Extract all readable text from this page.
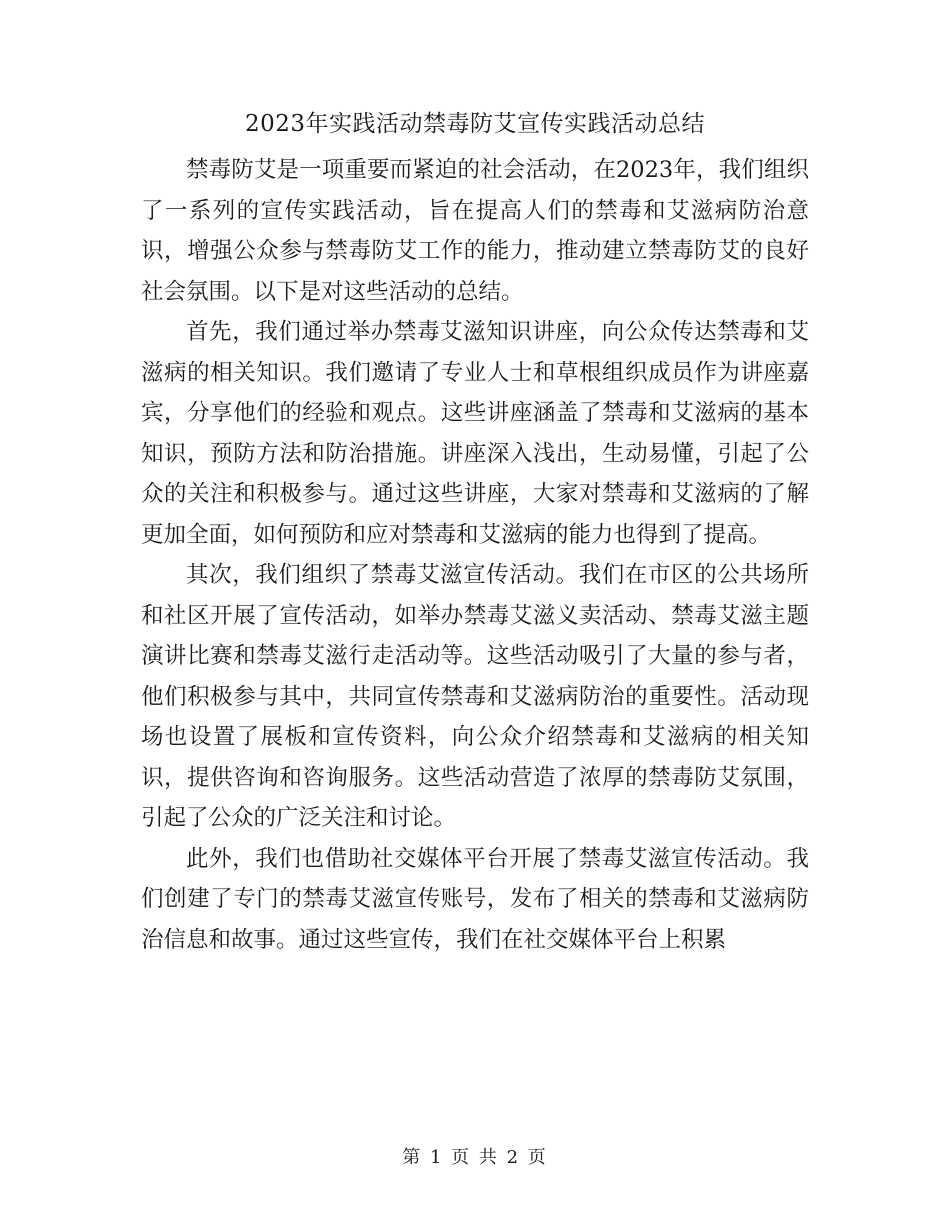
2023年实践活动禁毒防艾宣传实践活动总结

禁毒防艾是一项重要而紧迫的社会活动，在2023年，我们组织了一系列的宣传实践活动，旨在提高人们的禁毒和艾滋病防治意识，增强公众参与禁毒防艾工作的能力，推动建立禁毒防艾的良好社会氛围。以下是对这些活动的总结。

首先，我们通过举办禁毒艾滋知识讲座，向公众传达禁毒和艾滋病的相关知识。我们邀请了专业人士和草根组织成员作为讲座嘉宾，分享他们的经验和观点。这些讲座涵盖了禁毒和艾滋病的基本知识，预防方法和防治措施。讲座深入浅出，生动易懂，引起了公众的关注和积极参与。通过这些讲座，大家对禁毒和艾滋病的了解更加全面，如何预防和应对禁毒和艾滋病的能力也得到了提高。

其次，我们组织了禁毒艾滋宣传活动。我们在市区的公共场所和社区开展了宣传活动，如举办禁毒艾滋义卖活动、禁毒艾滋主题演讲比赛和禁毒艾滋行走活动等。这些活动吸引了大量的参与者，他们积极参与其中，共同宣传禁毒和艾滋病防治的重要性。活动现场也设置了展板和宣传资料，向公众介绍禁毒和艾滋病的相关知识，提供咨询和咨询服务。这些活动营造了浓厚的禁毒防艾氛围，引起了公众的广泛关注和讨论。

此外，我们也借助社交媒体平台开展了禁毒艾滋宣传活动。我们创建了专门的禁毒艾滋宣传账号，发布了相关的禁毒和艾滋病防治信息和故事。通过这些宣传，我们在社交媒体平台上积累

第 1 页 共 2 页
